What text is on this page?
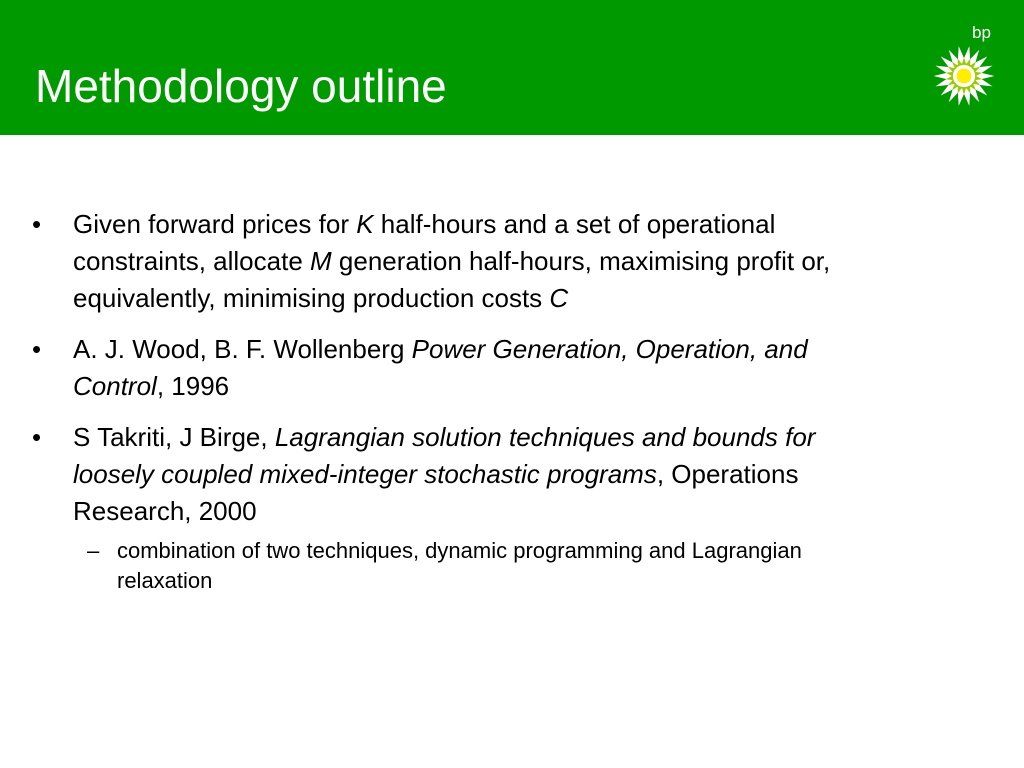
Methodology outline
bp
• Given forward prices for K half-hours and a set of operational constraints, allocate M generation half-hours, maximising profit or, equivalently, minimising production costs C
• A. J. Wood, B. F. Wollenberg Power Generation, Operation, and Control, 1996
• S Takriti, J Birge, Lagrangian solution techniques and bounds for loosely coupled mixed-integer stochastic programs, Operations Research, 2000
– combination of two techniques, dynamic programming and Lagrangian relaxation
